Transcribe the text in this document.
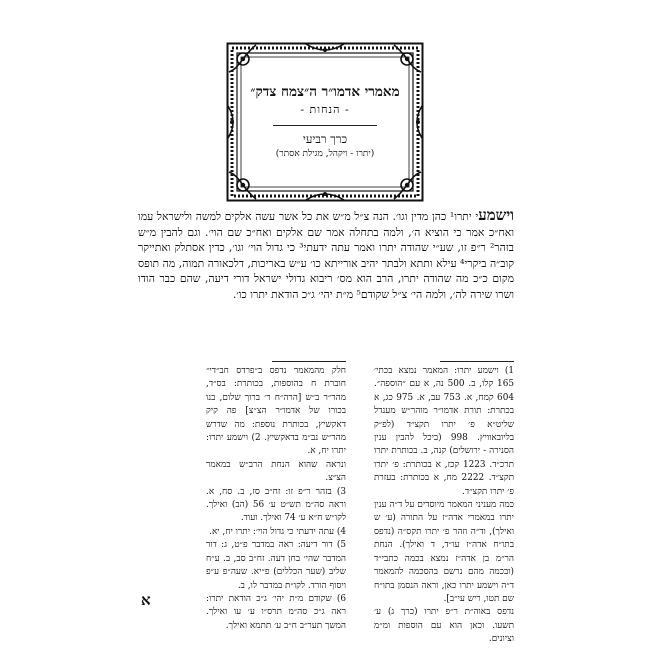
מאמרי אדמו״ר ה״צמח צדק״
- הנחות -
כרך רביעי
(יתרו - ויקהל, מגילת אסתר)

וישמעי יתרו¹ כהן מדין וגו׳. הנה צ״ל מ״ש את כל אשר עשה אלקים למשה ולישראל עמו ואח״כ אמר כי הוציא ה׳, ולמה בתחלה אמר שם אלקים ואח״כ שם הוי׳. וגם להבין מ״ש בזהר² ר״פ זו, שע״י שהודה יתרו ואמר עתה ידעתי³ כי גדול הוי׳ וגו׳, כדין אסתלק ואתייקר קוב״ה ביקרי⁴ עילא ותתא ולבתר יהיב אורייתא כו׳ ע״ש באריכות, דלכאורה תמוה, מה תופס מקום כ״כ מה שהודה יתרו, הרב הוא מס׳ ריבוא גדולי ישראל דורי דיעה, שהם כבר הודו ושרו שירה לה׳, ולמה הי׳ צ״ל שקודם⁵ מ״ת יהי׳ ג״כ הודאת יתרו כו׳.

1) וישמע יתרו: המאמר נמצא בכתי׳ 165 קלו, ב. 500 נה, א עם ״הוספה״. 604 קמח, א. 753 עב, א. 975 כג, א בכתרת: תורת אדמו״ר מוהר״ש מענדל שליט״א פ׳ יתרו תקצ״ד (לפ״ק בליובאוויץ. 998 (ביכל להבין ענין הסנירה - ירושלים) קנה, ב. בכותרת יתרו תרכ״ד. 1223 קכז, א בכותרת: פ׳ יתרו תקצ״ד. 2222 מח, א בכותרת: בעזרת פ׳ יתרו תקצ״ד.

כמה מעניני המאמר מיוסדים על ד״ה ענין יתרו במאמרי אדה״ז על התורה (ע׳ ש ואילך), וד״ה וזהר פ׳ יתרו תקס״ה (נדפס בתו״ח אדה״ז עו״ד, ד ואילך). הנחת הר״מ בן אדה״ז נמצא בכמה כתבי״ד (ובכמה מהם נרשם בהסכמה להמאמר ד״ה וישמע יתרו כאן, וראה הנסמן בתו״ח שם תטו, ריש עי״ב].

נדפס באוה״ת ר״פ יתרו (כרך ג) ע׳ תשעו. וכאן הוא עם הוספות ומ״מ וציונים.

חלק מהמאמר נדפס ב״פרדס חב״די״ חוברת ח בהוספות, בכותרת: בס״ד, מהר״ר ב״ש [הרה״ח ר׳ ברוך שלום, בנו בכורו של אדמו״ר הצ״צ] פה קיק דאקשיץ, בכותרת נוספת: מה שדרש מהר״ש נב״מ בדאקשיץ. 2) וישמע יתרו: יתרו יח, א.

ונראה שהוא הנחת הרב״ש במאמר הצ״צ.

3) בזהר ר״פ זו: זח״ב סז, ב. סח, א. וראה סה״מ תש״ט ע׳ 56 (הב) ואילך. לקו״ש ח״א ע׳ 74 ואילך. ועוד.

4) עתה ידעתי כי גדול הוי׳: יתרו יח, יא.

5) דור דיעה: ראה במדבר פ״ט, ג: דור המדבר שהי׳ בחן דעה. זח״ב סב, ב. ע״ח שליב (שער הכללים) פ״יא. שעה״פ ע״פ ויסוף הורד. לקו״ת במדבר לו, ב.

6) שקודם מ״ת יהי׳ ג״כ הודאת יתרו: ראה ג״כ סה״מ תרס״ו ע׳ עו ואילך. המשך תער״ב ח״ב ע׳ תתמא ואילך.

א
